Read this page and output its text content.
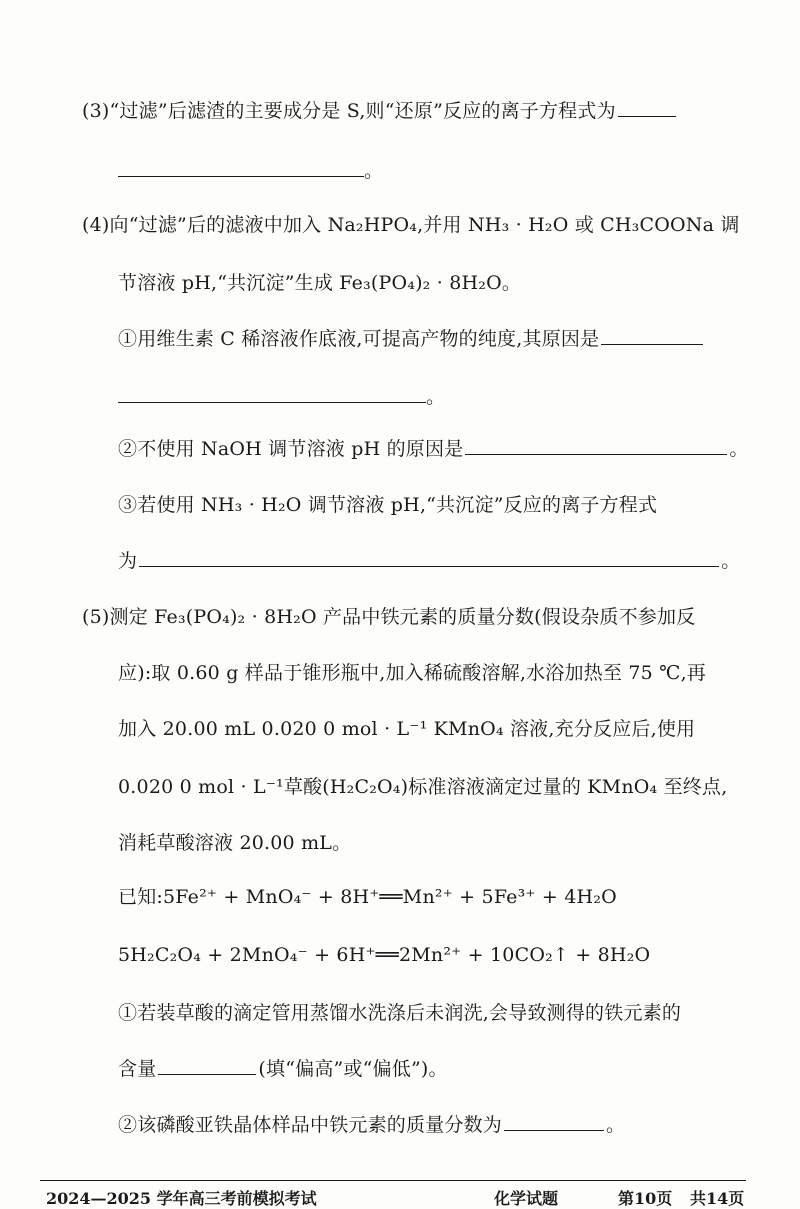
(3)“过滤”后滤渣的主要成分是 S,则“还原”反应的离子方程式为
。
(4)向“过滤”后的滤液中加入 Na₂HPO₄,并用 NH₃ · H₂O 或 CH₃COONa 调
节溶液 pH,“共沉淀”生成 Fe₃(PO₄)₂ · 8H₂O。
①用维生素 C 稀溶液作底液,可提高产物的纯度,其原因是
。
②不使用 NaOH 调节溶液 pH 的原因是	。
③若使用 NH₃ · H₂O 调节溶液 pH,“共沉淀”反应的离子方程式
为	。
(5)测定 Fe₃(PO₄)₂ · 8H₂O 产品中铁元素的质量分数(假设杂质不参加反
应):取 0.60 g 样品于锥形瓶中,加入稀硫酸溶解,水浴加热至 75 ℃,再
加入 20.00 mL 0.020 0 mol · L⁻¹ KMnO₄ 溶液,充分反应后,使用
0.020 0 mol · L⁻¹草酸(H₂C₂O₄)标准溶液滴定过量的 KMnO₄ 至终点,
消耗草酸溶液 20.00 mL。
已知:5Fe²⁺ + MnO₄⁻ + 8H⁺══Mn²⁺ + 5Fe³⁺ + 4H₂O
5H₂C₂O₄ + 2MnO₄⁻ + 6H⁺══2Mn²⁺ + 10CO₂↑ + 8H₂O
①若装草酸的滴定管用蒸馏水洗涤后未润洗,会导致测得的铁元素的
含量	(填“偏高”或“偏低”)。
②该磷酸亚铁晶体样品中铁元素的质量分数为	。
2024—2025 学年高三考前模拟考试	化学试题	第10页 共14页
